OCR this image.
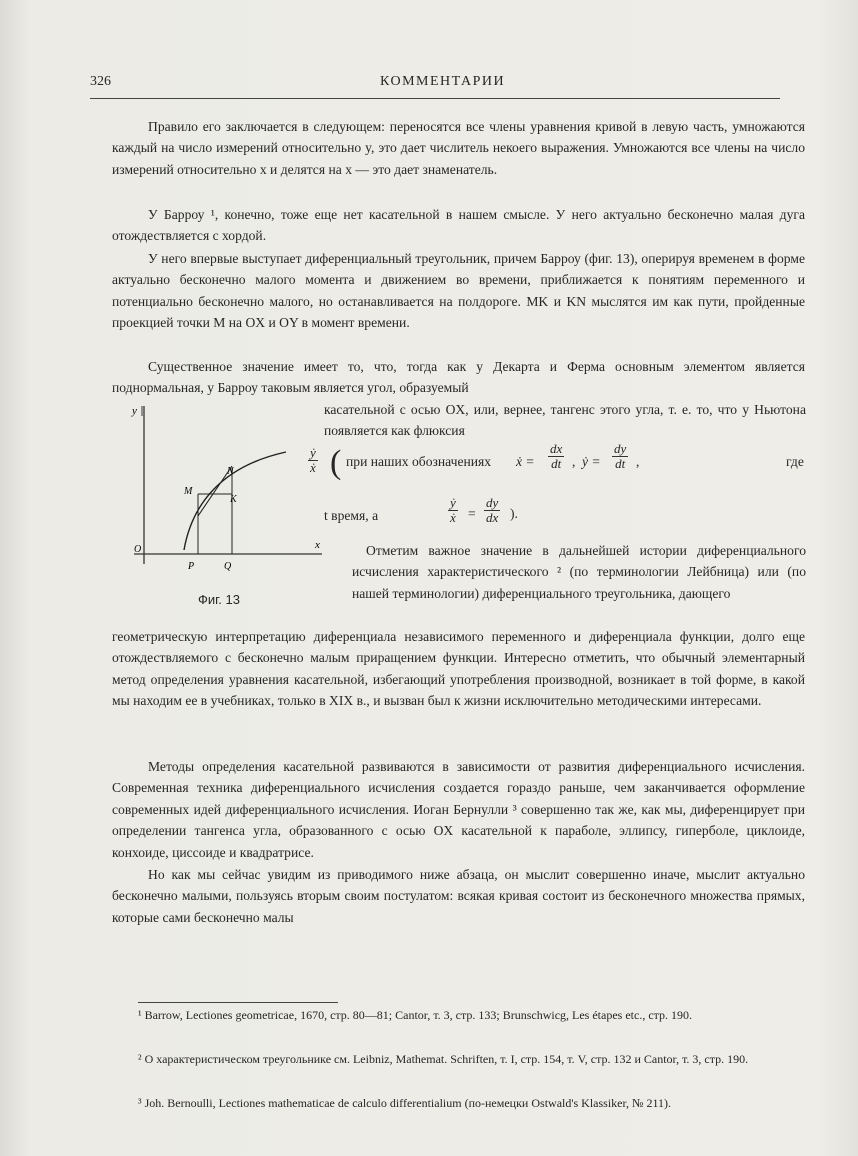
326	КОММЕНТАРИИ

Правило его заключается в следующем: переносятся все члены уравнения кривой в левую часть, умножаются каждый на число измерений относительно y, это дает числитель некоего выражения. Умножаются все члены на число измерений относительно x и делятся на x — это дает знаменатель.

У Барроу ¹, конечно, тоже еще нет касательной в нашем смысле. У него актуально бесконечно малая дуга отождествляется с хордой.

У него впервые выступает диференциальный треугольник, причем Барроу (фиг. 13), оперируя временем в форме актуально бесконечно малого момента и движением во времени, приближается к понятиям переменного и потенциально бесконечно малого, но останавливается на полдороге. MK и KN мыслятся им как пути, пройденные проекцией точки M на OX и OY в момент времени.

Существенное значение имеет то, что, тогда как у Декарта и Ферма основным элементом является поднормальная, у Барроу таковым является угол, образуемый

касательной с осью OX, или, вернее, тангенс этого угла, т. е. то, что у Ньютона появляется как флюксия

(
$\frac{\text{ẏ}}{\text{ẋ}}$ при наших обозначениях ẋ = $\frac{dx}{dt}$ , ẏ = $\frac{dy}{dt}$ ,	где
t время, а	$\frac{\text{ẏ}}{\text{ẋ}} = \frac{dy}{dx}$ ).

Отметим важное значение в дальнейшей истории диференциального исчисления характеристического ² (по терминологии Лейбница) или (по нашей терминологии) диференциального треугольника, дающего

геометрическую интерпретацию диференциала независимого переменного и диференциала функции, долго еще отождествляемого с бесконечно малым приращением функции. Интересно отметить, что обычный элементарный метод определения уравнения касательной, избегающий употребления производной, возникает в той форме, в какой мы находим ее в учебниках, только в XIX в., и вызван был к жизни исключительно методическими интересами.

Методы определения касательной развиваются в зависимости от развития диференциального исчисления. Современная техника диференциального исчисления создается гораздо раньше, чем заканчивается оформление современных идей диференциального исчисления. Иоган Бернулли ³ совершенно так же, как мы, диференцирует при определении тангенса угла, образованного с осью OX касательной к параболе, эллипсу, гиперболе, циклоиде, конхоиде, циссоиде и квадратрисе.

Но как мы сейчас увидим из приводимого ниже абзаца, он мыслит совершенно иначе, мыслит актуально бесконечно малыми, пользуясь вторым своим постулатом: всякая кривая состоит из бесконечного множества прямых, которые сами бесконечно малы

y
x
N
M
K
O
P	Q
Фиг. 13

¹ Barrow, Lectiones geometricae, 1670, стр. 80—81; Cantor, т. 3, стр. 133; Brunschwicg, Les étapes etc., стр. 190.

² О характеристическом треугольнике см. Leibniz, Mathemat. Schriften, т. I, стр. 154, т. V, стр. 132 и Cantor, т. 3, стр. 190.

³ Joh. Bernoulli, Lectiones mathematicae de calculo differentialium (по-немецки Ostwald's Klassiker, № 211).
